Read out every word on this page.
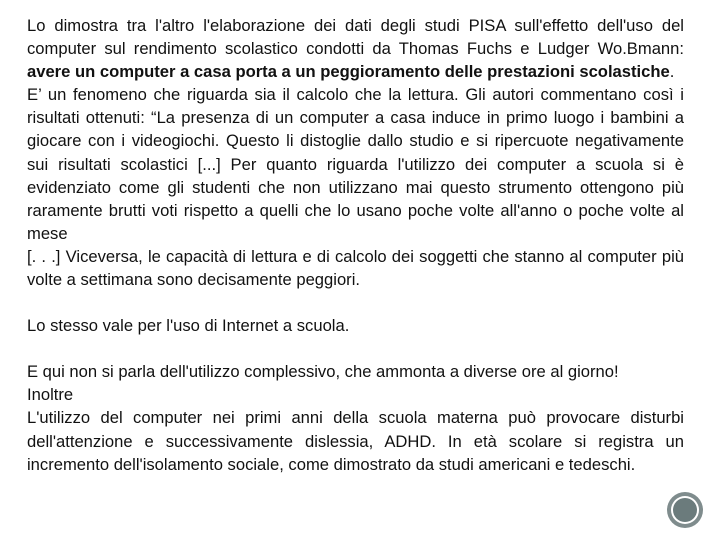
Lo dimostra tra l'altro l'elaborazione dei dati degli studi PISA sull'effetto dell'uso del computer sul rendimento scolastico condotti da Thomas Fuchs e Ludger Wo.Bmann: avere un computer a casa porta a un peggioramento delle prestazioni scolastiche.

E’ un fenomeno che riguarda sia il calcolo che la lettura. Gli autori commentano così i risultati ottenuti: “La presenza di un computer a casa induce in primo luogo i bambini a giocare con i videogiochi. Questo li distoglie dallo studio e si ripercuote negativamente sui risultati scolastici [...] Per quanto riguarda l'utilizzo dei computer a scuola si è evidenziato come gli studenti che non utilizzano mai questo strumento ottengono più raramente brutti voti rispetto a quelli che lo usano poche volte all'anno o poche volte al mese

[. . .] Viceversa, le capacità di lettura e di calcolo dei soggetti che stanno al computer più volte a settimana sono decisamente peggiori.

Lo stesso vale per l'uso di Internet a scuola.

E qui non si parla dell'utilizzo complessivo, che ammonta a diverse ore al giorno!

Inoltre

L'utilizzo del computer nei primi anni della scuola materna può provocare disturbi dell'attenzione e successivamente dislessia, ADHD. In età scolare si registra un incremento dell'isolamento sociale, come dimostrato da studi americani e tedeschi.
